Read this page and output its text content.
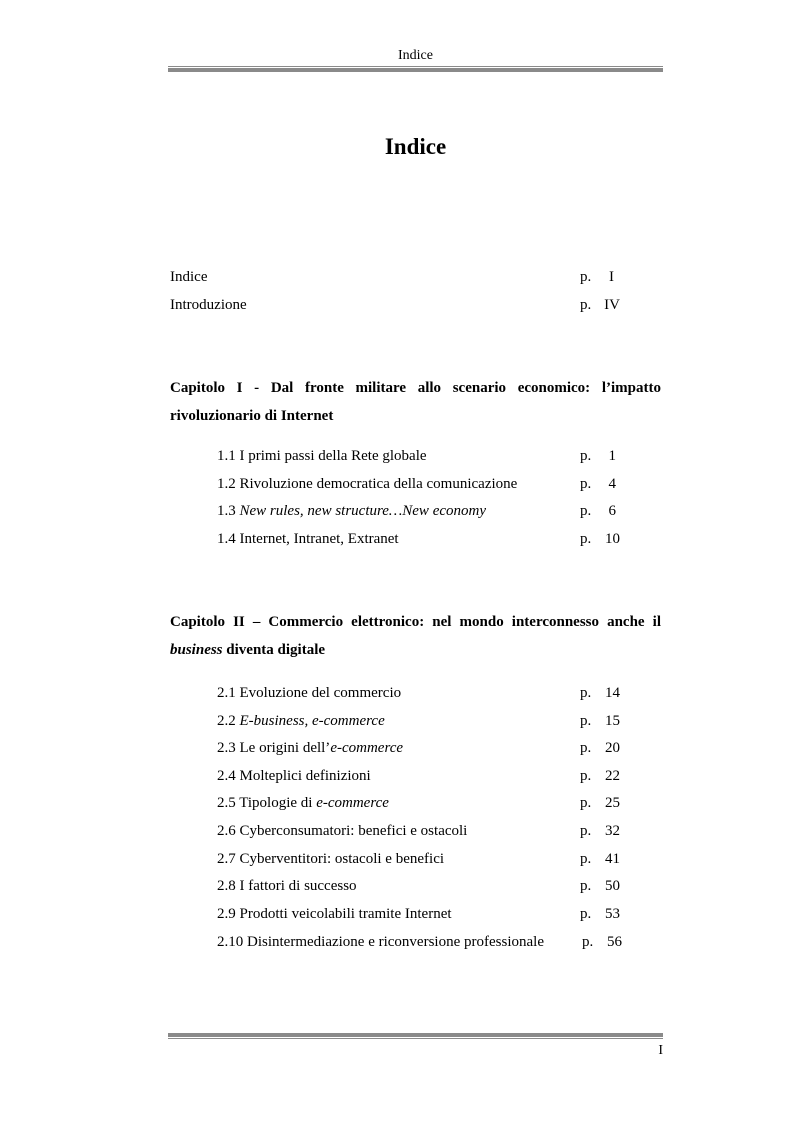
Indice
Indice
Indice	p.	I
Introduzione	p. IV
Capitolo I - Dal fronte militare allo scenario economico: l’impatto
rivoluzionario di Internet
1.1 I primi passi della Rete globale	p.	1
1.2 Rivoluzione democratica della comunicazione	p.	4
1.3 New rules, new structure…New economy	p.	6
1.4 Internet, Intranet, Extranet	p. 10
Capitolo II – Commercio elettronico: nel mondo interconnesso anche il
business diventa digitale
2.1 Evoluzione del commercio	p. 14
2.2 E-business, e-commerce	p. 15
2.3 Le origini dell’e-commerce	p. 20
2.4 Molteplici definizioni	p. 22
2.5 Tipologie di e-commerce	p. 25
2.6 Cyberconsumatori: benefici e ostacoli	p. 32
2.7 Cyberventitori: ostacoli e benefici	p. 41
2.8 I fattori di successo	p. 50
2.9 Prodotti veicolabili tramite Internet	p. 53
2.10 Disintermediazione e riconversione professionale	p. 56
I
